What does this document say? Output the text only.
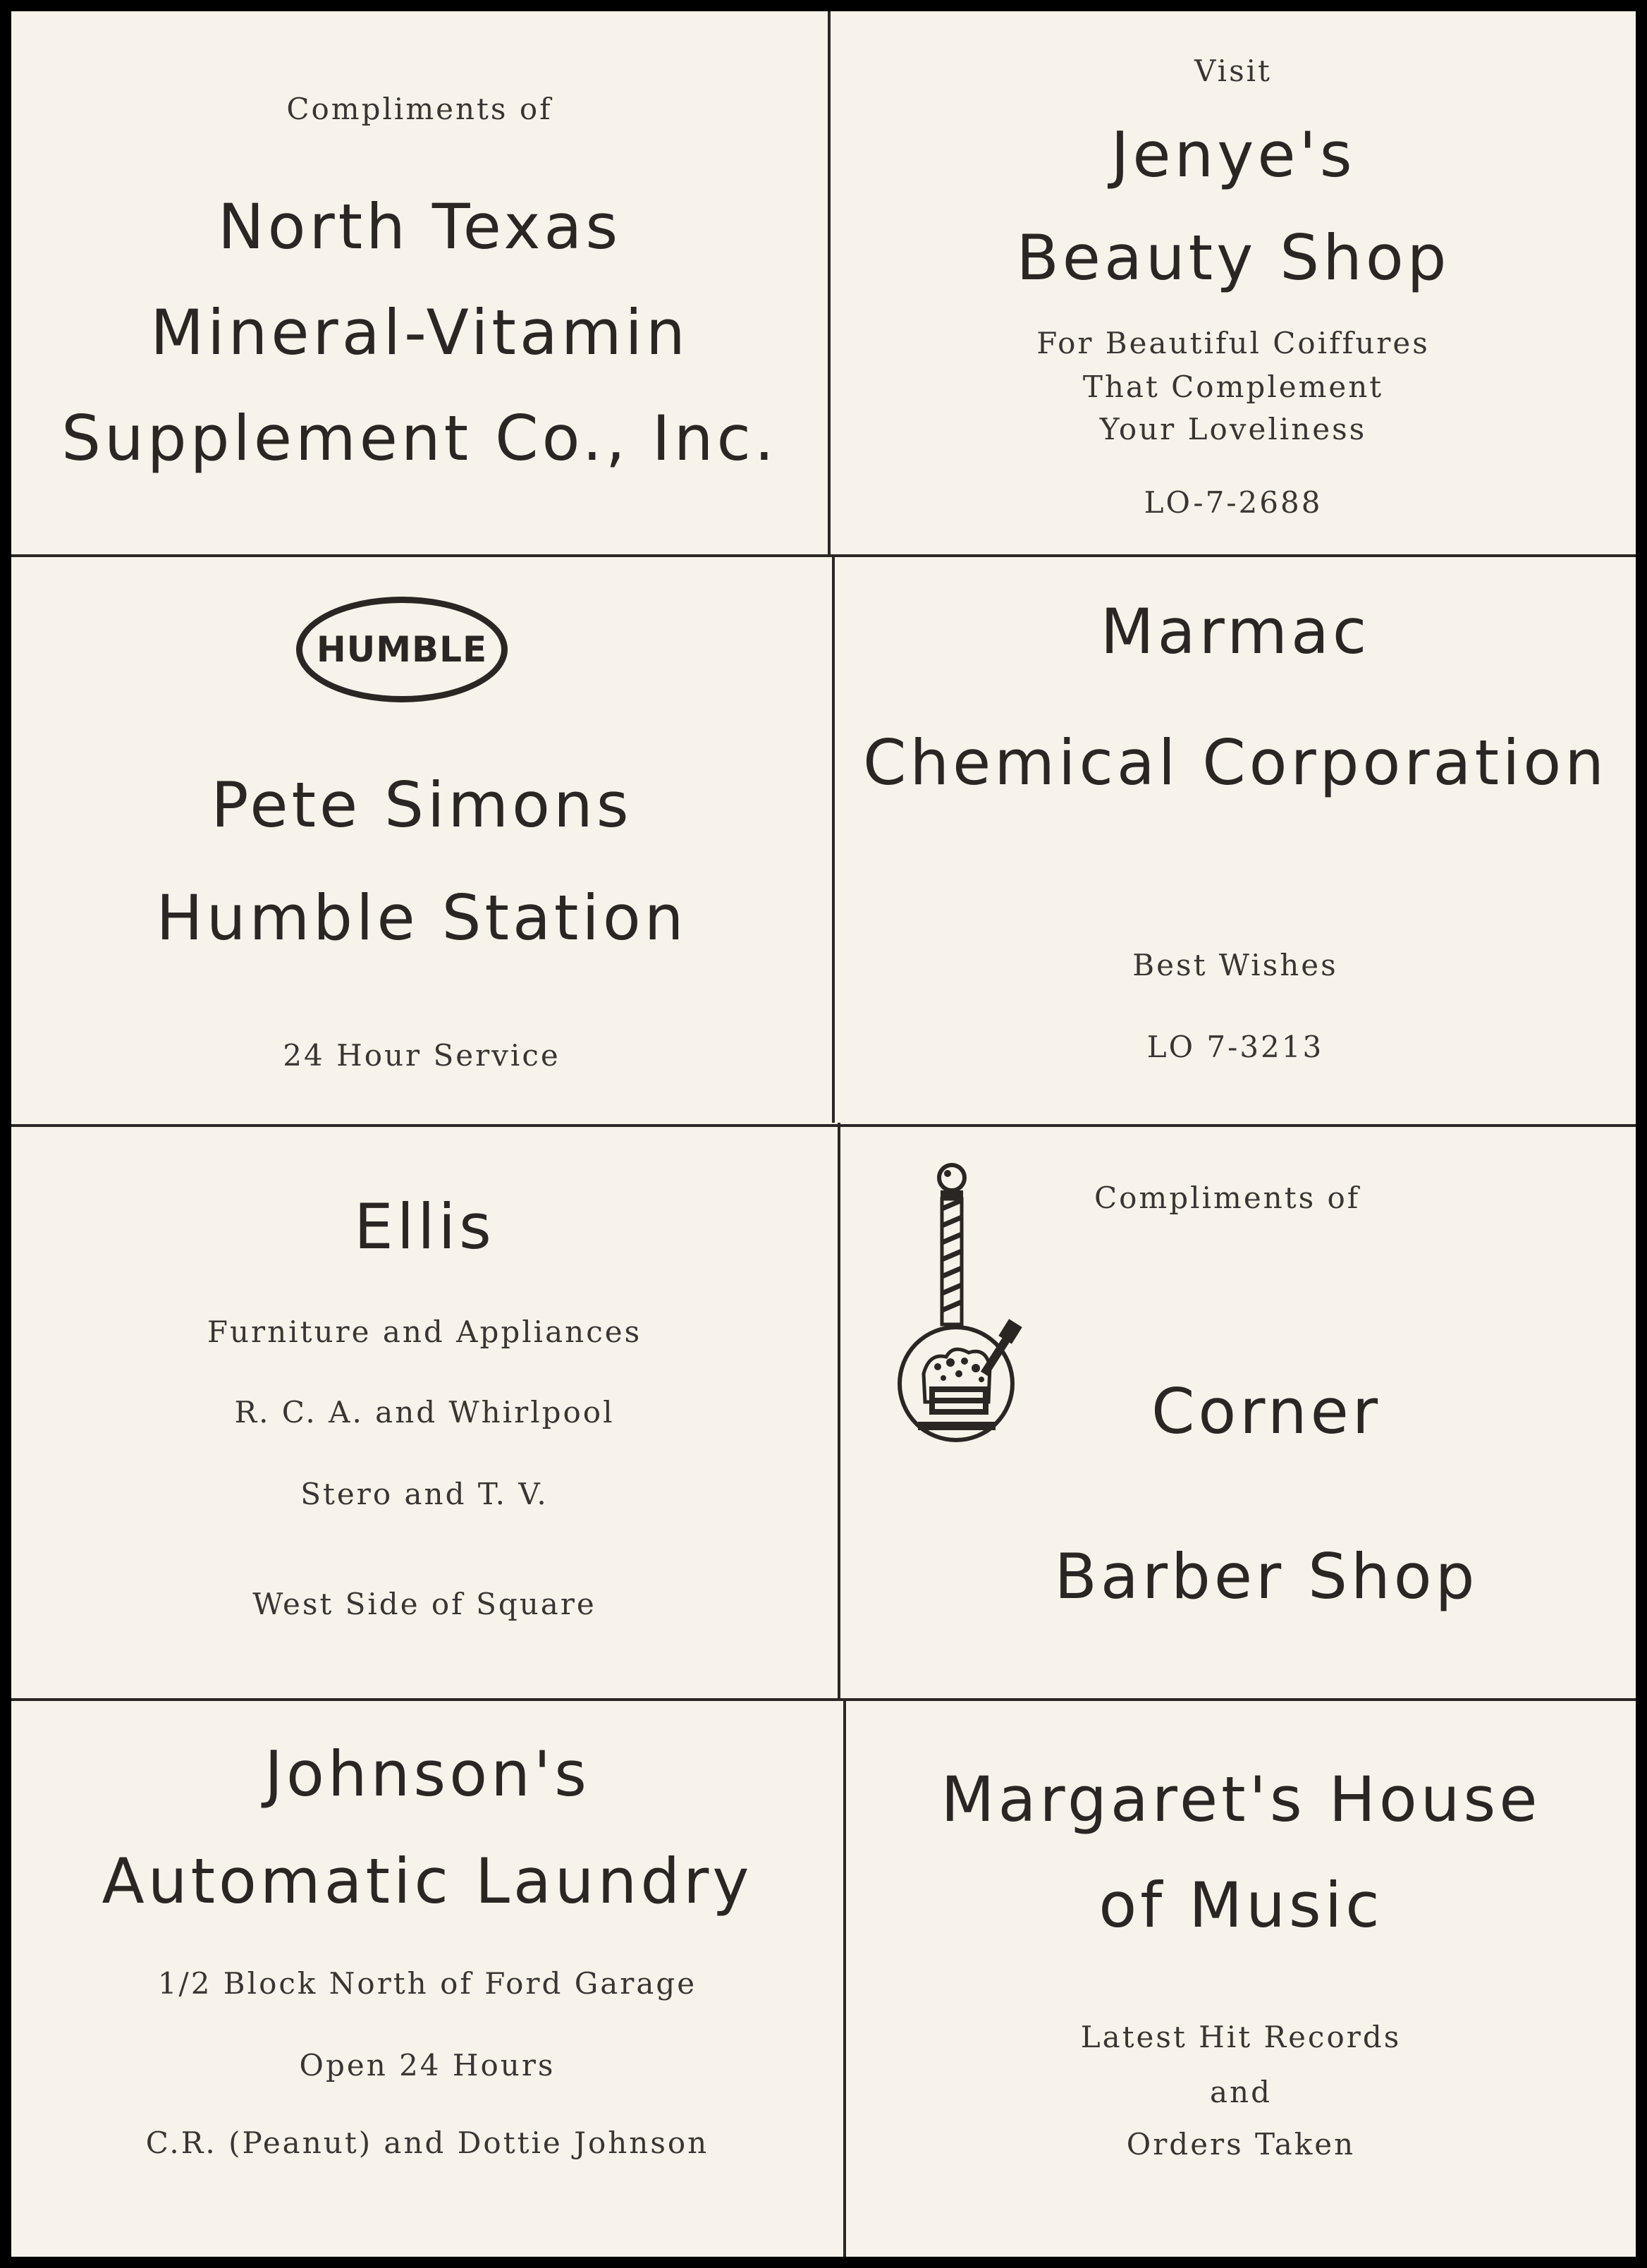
Compliments of
North Texas
Mineral-Vitamin
Supplement Co., Inc.
Visit
Jenye's
Beauty Shop
For Beautiful Coiffures
That Complement
Your Loveliness
LO-7-2688
HUMBLE
Pete Simons
Humble Station
24 Hour Service
Marmac
Chemical Corporation
Best Wishes
LO 7-3213
Ellis
Furniture and Appliances
R. C. A. and Whirlpool
Stero and T. V.
West Side of Square
Compliments of
Corner
Barber Shop
Johnson's
Automatic Laundry
1/2 Block North of Ford Garage
Open 24 Hours
C.R. (Peanut) and Dottie Johnson
Margaret's House
of Music
Latest Hit Records
and
Orders Taken
